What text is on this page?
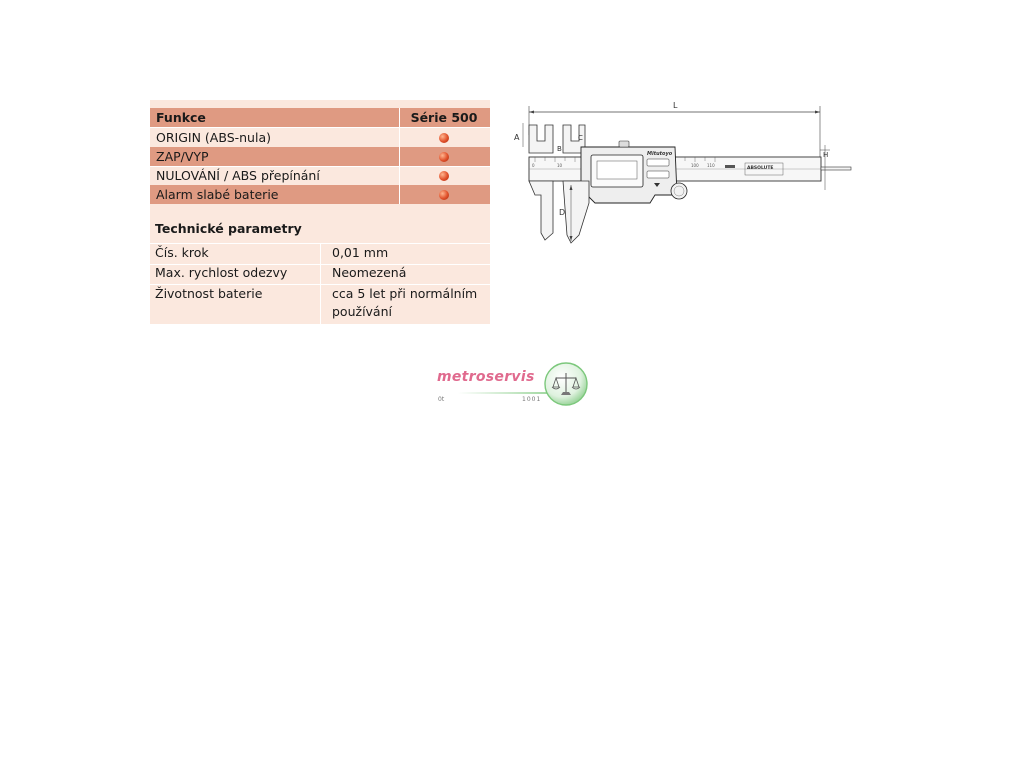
Funkce	Série 500
ORIGIN (ABS-nula)
ZAP/VYP
NULOVÁNÍ / ABS přepínání
Alarm slabé baterie
Technické parametry
Čís. krok	0,01 mm
Max. rychlost odezvy	Neomezená
Životnost baterie	cca 5 let při normálním
používání
L
A
B
C
0	10	100 110
ABSOLUTE
H
Mitutoyo
D
metroservis
0t	1001
